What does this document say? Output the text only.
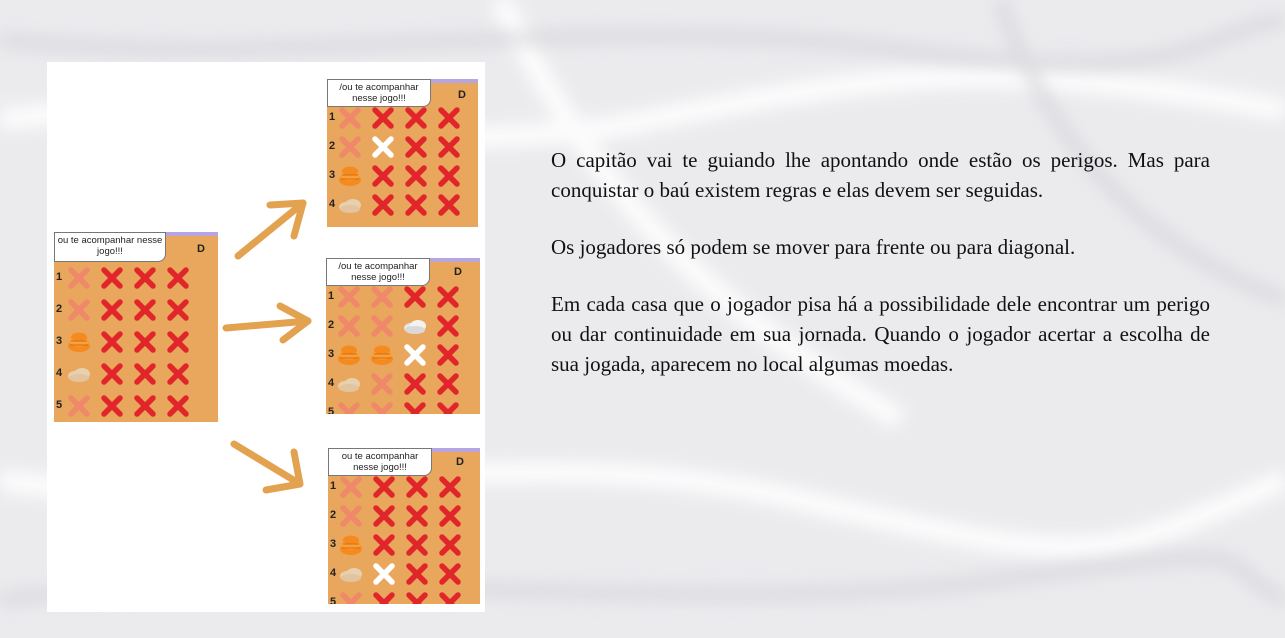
ou te acompanhar nesse jogo!!!	D
1
2
3
4
5
/ou te acompanhar nesse jogo!!!	D
1
2
3
4
/ou te acompanhar nesse jogo!!!	D
1
2
3
4
5
ou te acompanhar nesse jogo!!!	D
1
2
3
4
5

O capitão vai te guiando lhe apontando onde estão os perigos. Mas para conquistar o baú existem regras e elas devem ser seguidas.

Os jogadores só podem se mover para frente ou para diagonal.

Em cada casa que o jogador pisa há a possibilidade dele encontrar um perigo ou dar continuidade em sua jornada. Quando o jogador acertar a escolha de sua jogada, aparecem no local algumas moedas.
